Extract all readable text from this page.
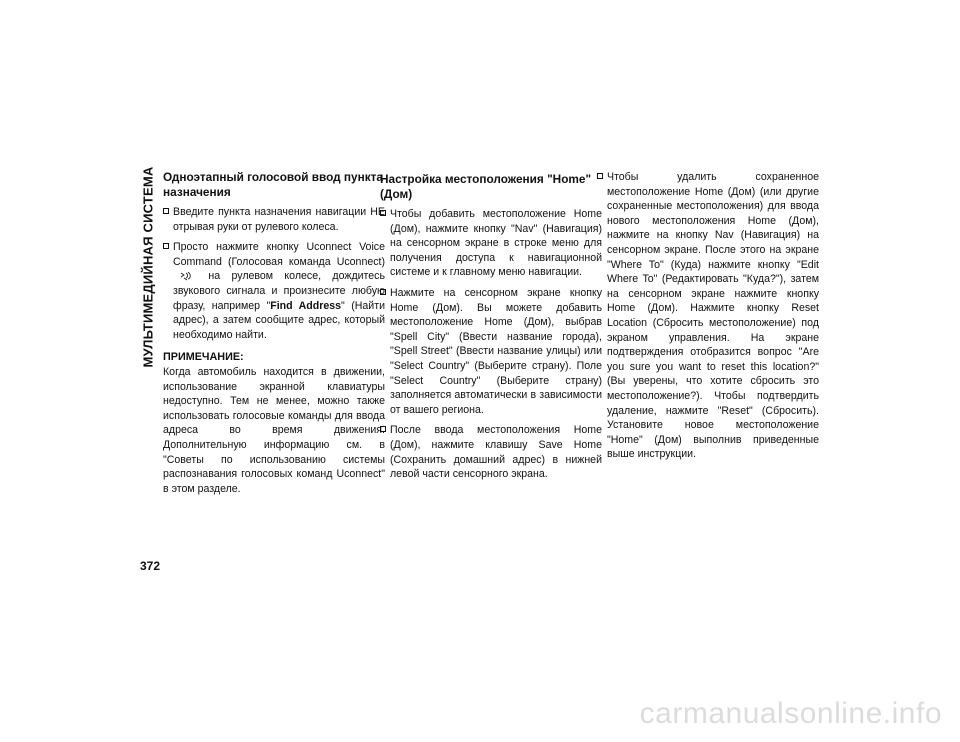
МУЛЬТИМЕДИЙНАЯ СИСТЕМА Одноэтапный голосовой ввод пункта назначения
Введите пункта назначения навигации НЕ отрывая руки от рулевого колеса.
Просто нажмите кнопку Uconnect Voice Command (Голосовая команда Uconnect)  на рулевом колесе, дождитесь звукового сигнала и произнесите любую фразу, например "Find Address" (Найти адрес), а затем сообщите адрес, который необходимо найти.
ПРИМЕЧАНИЕ:
Когда автомобиль находится в движении, использование экранной клавиатуры недоступно. Тем не менее, можно также использовать голосовые команды для ввода адреса во время движения. Дополнительную информацию см. в "Советы по использованию системы распознавания голосовых команд Uconnect" в этом разделе.
Настройка местоположения "Home" (Дом)
Чтобы добавить местоположение Home (Дом), нажмите кнопку "Nav" (Навигация) на сенсорном экране в строке меню для получения доступа к навигационной системе и к главному меню навигации.
Нажмите на сенсорном экране кнопку Home (Дом). Вы можете добавить местоположение Home (Дом), выбрав "Spell City" (Ввести название города), "Spell Street" (Ввести название улицы) или "Select Country" (Выберите страну). Поле "Select Country" (Выберите страну) заполняется автоматически в зависимости от вашего региона.
После ввода местоположения Home (Дом), нажмите клавишу Save Home (Сохранить домашний адрес) в нижней левой части сенсорного экрана.
Чтобы удалить сохраненное местоположение Home (Дом) (или другие сохраненные местоположения) для ввода нового местоположения Home (Дом), нажмите на кнопку Nav (Навигация) на сенсорном экране. После этого на экране "Where To" (Куда) нажмите кнопку "Edit Where To" (Редактировать "Куда?"), затем на сенсорном экране нажмите кнопку Home (Дом). Нажмите кнопку Reset Location (Сбросить местоположение) под экраном управления. На экране подтверждения отобразится вопрос "Are you sure you want to reset this location?" (Вы уверены, что хотите сбросить это местоположение?). Чтобы подтвердить удаление, нажмите "Reset" (Сбросить). Установите новое местоположение "Home" (Дом) выполнив приведенные выше инструкции.
372
carmanualsonline.info
